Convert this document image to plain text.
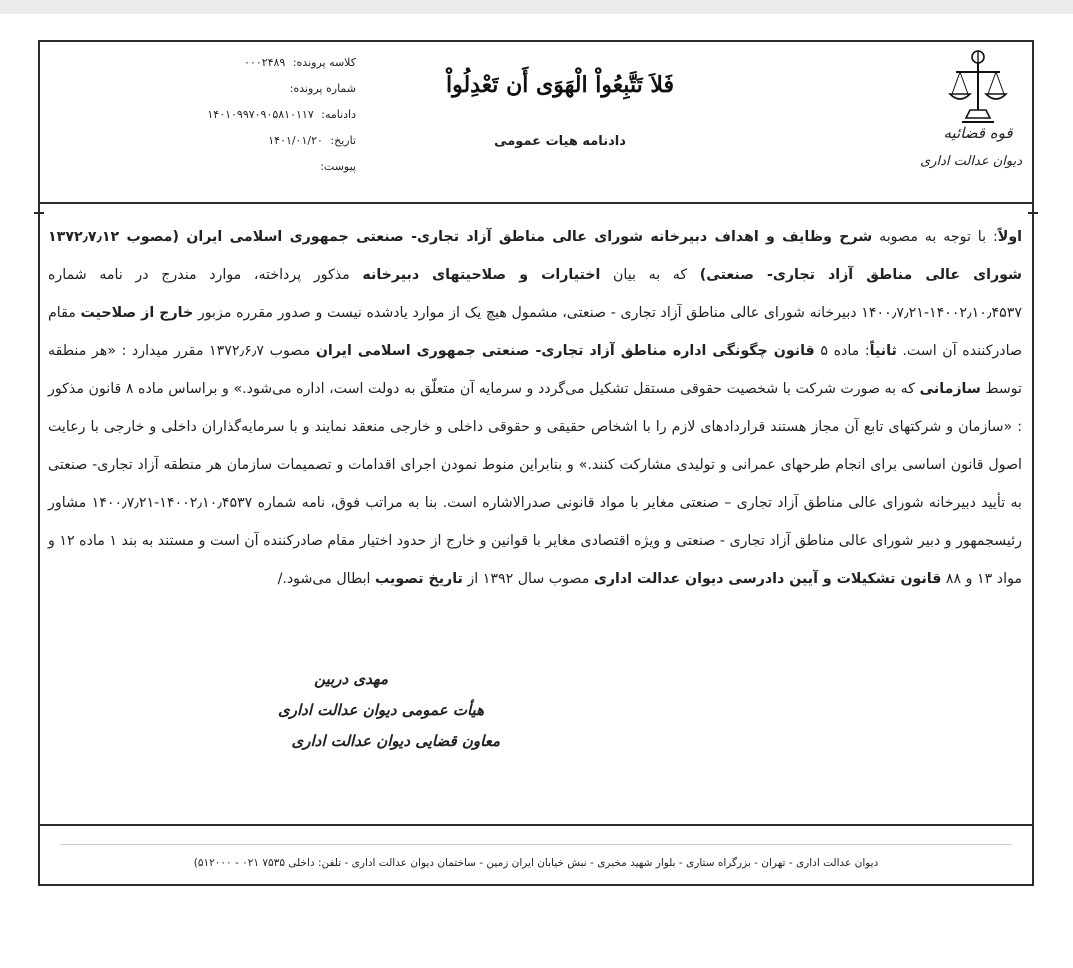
قوه قضائیه
دیوان عدالت اداری
فَلاَ تَتَّبِعُواْ الْهَوَى أَن تَعْدِلُواْ
دادنامه هیات عمومی
کلاسه پرونده: ۰۰۰۲۴۸۹
شماره پرونده:
دادنامه: ۱۴۰۱۰۹۹۷۰۹۰۵۸۱۰۱۱۷
تاریخ: ۱۴۰۱/۰۱/۲۰
پیوست:
اولاً: با توجه به مصوبه شرح وظایف و اهداف دبیرخانه شورای عالی مناطق آزاد تجاری- صنعتی جمهوری اسلامی ایران (مصوب ۱۳۷۲٫۷٫۱۲ شورای عالی مناطق آزاد تجاری- صنعتی) که به بیان اختیارات و صلاحیتهای دبیرخانه مذکور پرداخته، موارد مندرج در نامه شماره ۱۴۰۰۲٫۱۰٫۴۵۳۷-۱۴۰۰٫۷٫۲۱ دبیرخانه شورای عالی مناطق آزاد تجاری - صنعتی، مشمول هیچ یک از موارد یادشده نیست و صدور مقرره مزبور خارج از صلاحیت مقام صادرکننده آن است. ثانیاً: ماده ۵ قانون چگونگی اداره مناطق آزاد تجاری- صنعتی جمهوری اسلامی ایران مصوب ۱۳۷۲٫۶٫۷ مقرر میدارد : «هر منطقه توسط سازمانی که به صورت شرکت با شخصیت حقوقی مستقل تشکیل می‌گردد و سرمایه آن متعلّق به دولت است، اداره می‌شود.» و براساس ماده ۸ قانون مذکور : «سازمان و شرکتهای تابع آن مجاز هستند قراردادهای لازم را با اشخاص حقیقی و حقوقی داخلی و خارجی منعقد نمایند و با سرمایه‌گذاران داخلی و خارجی با رعایت اصول قانون اساسی برای انجام طرحهای عمرانی و تولیدی مشارکت کنند.» و بنابراین منوط نمودن اجرای اقدامات و تصمیمات سازمان هر منطقه آزاد تجاری- صنعتی به تأیید دبیرخانه شورای عالی مناطق آزاد تجاری – صنعتی مغایر با مواد قانونی صدرالاشاره است. بنا به مراتب فوق، نامه شماره ۱۴۰۰۲٫۱۰٫۴۵۳۷-۱۴۰۰٫۷٫۲۱ مشاور رئیسجمهور و دبیر شورای عالی مناطق آزاد تجاری - صنعتی و ویژه اقتصادی مغایر با قوانین و خارج از حدود اختیار مقام صادرکننده آن است و مستند به بند ۱ ماده ۱۲ و مواد ۱۳ و ۸۸ قانون تشکیلات و آیین دادرسی دیوان عدالت اداری مصوب سال ۱۳۹۲ از تاریخ تصویب ابطال می‌شود./
مهدی دربین
هیأت عمومی دیوان عدالت اداری
معاون قضایی دیوان عدالت اداری
دیوان عدالت اداری - تهران - بزرگراه ستاری - بلوار شهید مخبری - نبش خیابان ایران زمین - ساختمان دیوان عدالت اداری - تلفن: داخلی ۷۵۳۵ ۰۲۱ - ۵۱۲۰۰۰)
